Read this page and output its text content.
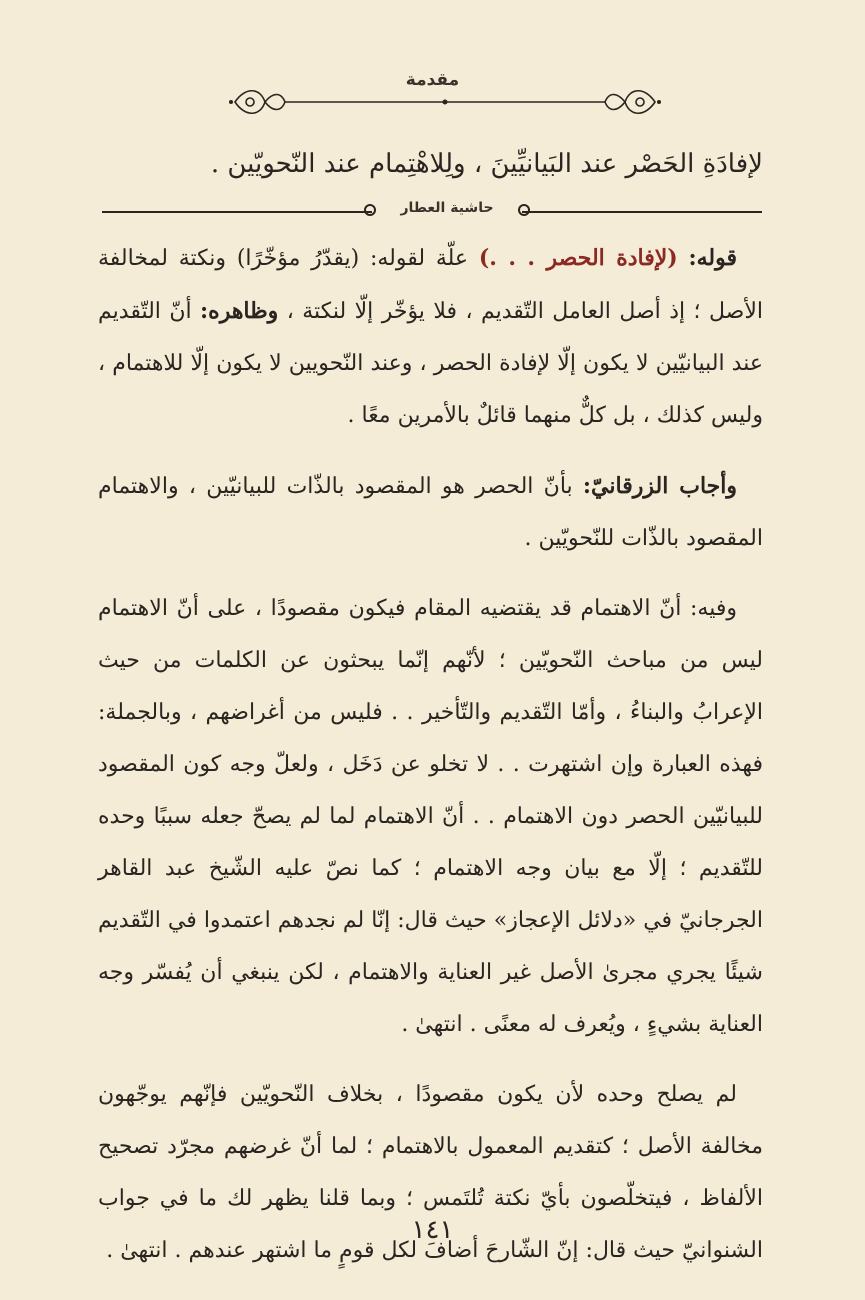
مقدمة

لإفادَةِ الحَصْر عند البَيانيِّينَ ، ولِلاهْتِمام عند النّحويّين .

حاشية العطار

قوله: (لإفادة الحصر . . .) علّة لقوله: (يقدّرُ مؤخّرًا) ونكتة لمخالفة الأصل ؛ إذ أصل العامل التّقديم ، فلا يؤخّر إلّا لنكتة ، وظاهره: أنّ التّقديم عند البيانيّين لا يكون إلّا لإفادة الحصر ، وعند النّحويين لا يكون إلّا للاهتمام ، وليس كذلك ، بل كلٌّ منهما قائلٌ بالأمرين معًا .

وأجاب الزرقانيّ: بأنّ الحصر هو المقصود بالذّات للبيانيّين ، والاهتمام المقصود بالذّات للنّحويّين .

وفيه: أنّ الاهتمام قد يقتضيه المقام فيكون مقصودًا ، على أنّ الاهتمام ليس من مباحث النّحويّين ؛ لأنّهم إنّما يبحثون عن الكلمات من حيث الإعرابُ والبناءُ ، وأمّا التّقديم والتّأخير . . فليس من أغراضهم ، وبالجملة: فهذه العبارة وإن اشتهرت . . لا تخلو عن دَخَل ، ولعلّ وجه كون المقصود للبيانيّين الحصر دون الاهتمام . . أنّ الاهتمام لما لم يصحّ جعله سببًا وحده للتّقديم ؛ إلّا مع بيان وجه الاهتمام ؛ كما نصّ عليه الشّيخ عبد القاهر الجرجانيّ في «دلائل الإعجاز» حيث قال: إنّا لم نجدهم اعتمدوا في التّقديم شيئًا يجري مجرىٰ الأصل غير العناية والاهتمام ، لكن ينبغي أن يُفسّر وجه العناية بشيءٍ ، ويُعرف له معنًى . انتهىٰ .

لم يصلح وحده لأن يكون مقصودًا ، بخلاف النّحويّين فإنّهم يوجّهون مخالفة الأصل ؛ كتقديم المعمول بالاهتمام ؛ لما أنّ غرضهم مجرّد تصحيح الألفاظ ، فيتخلّصون بأيّ نكتة تُلتَمس ؛ وبما قلنا يظهر لك ما في جواب الشنوانيّ حيث قال: إنّ الشّارحَ أضافَ لكل قومٍ ما اشتهر عندهم . انتهىٰ .

١٤١
